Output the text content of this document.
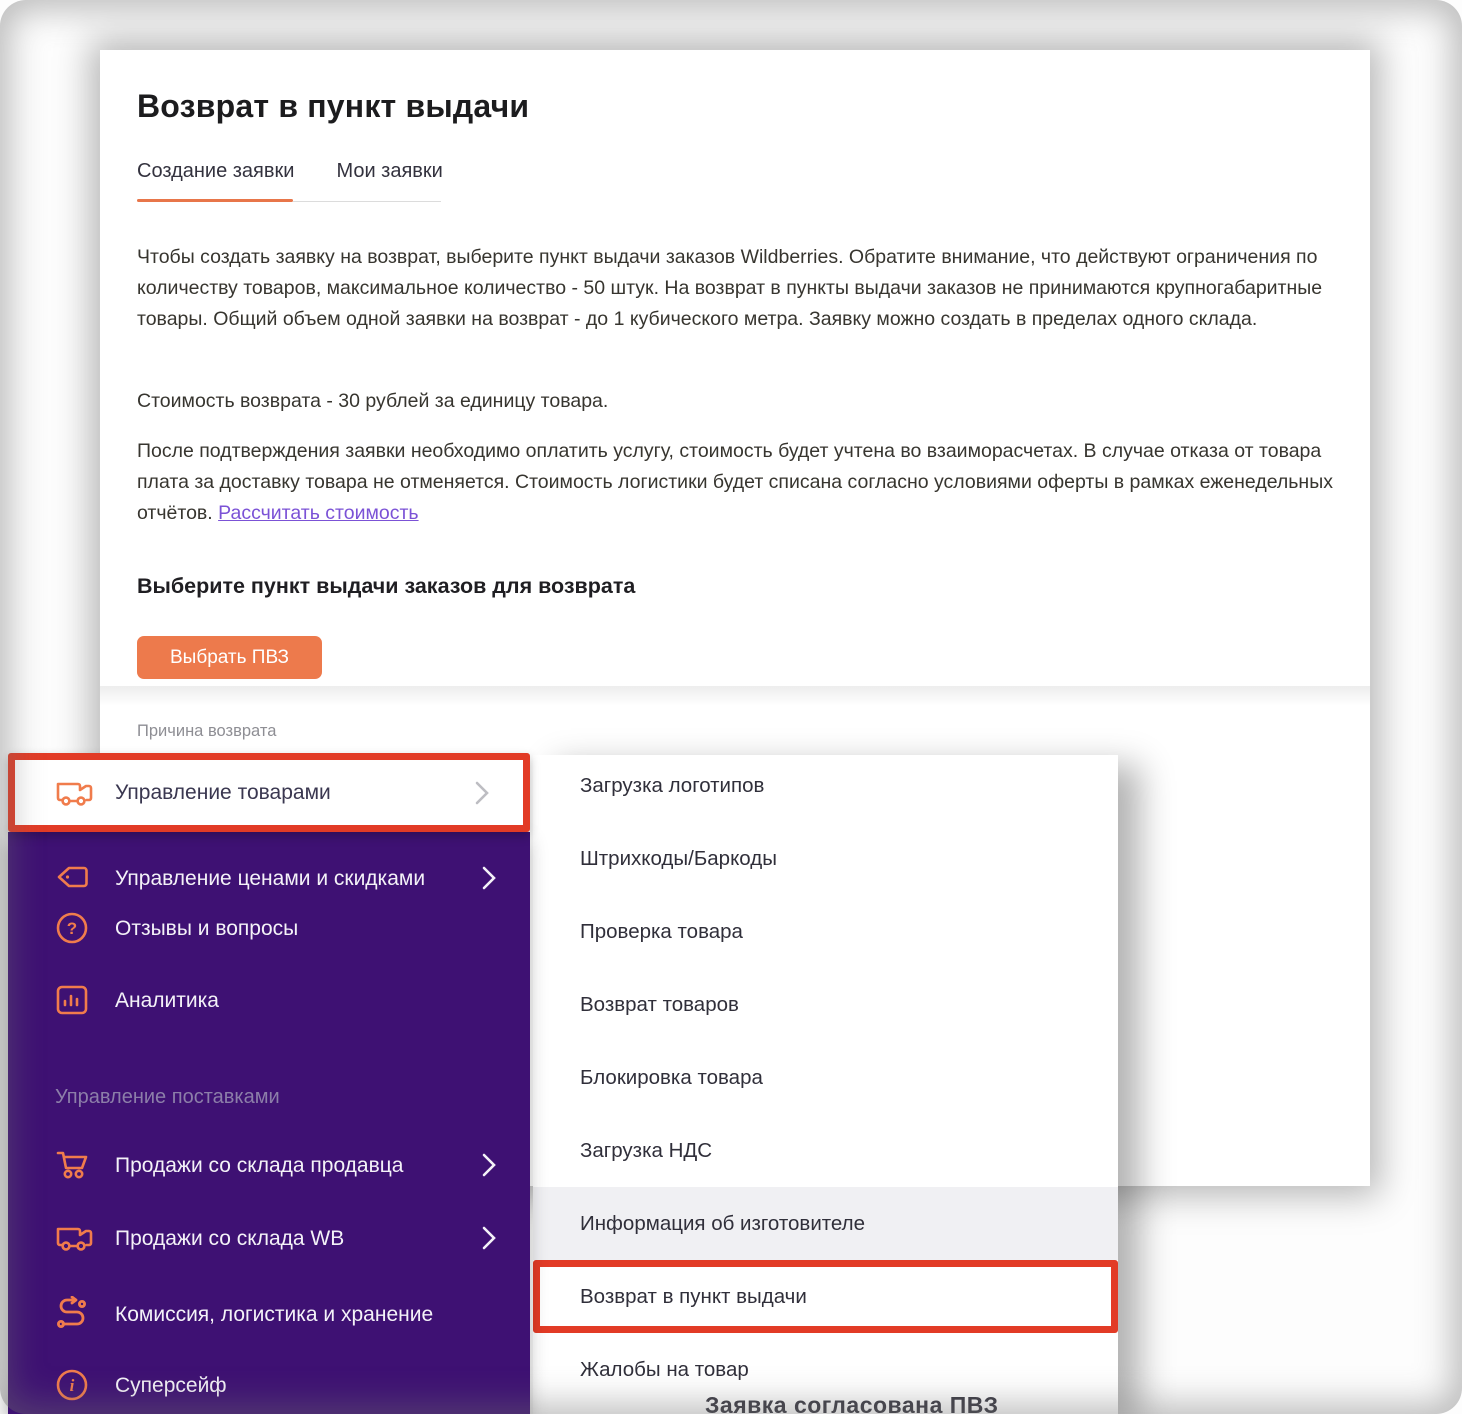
Возврат в пункт выдачи
Создание заявки Мои заявки

Чтобы создать заявку на возврат, выберите пункт выдачи заказов Wildberries. Обратите внимание, что действуют ограничения по количеству товаров, максимальное количество - 50 штук. На возврат в пункты выдачи заказов не принимаются крупногабаритные товары. Общий объем одной заявки на возврат - до 1 кубического метра. Заявку можно создать в пределах одного склада.

Стоимость возврата - 30 рублей за единицу товара.

После подтверждения заявки необходимо оплатить услугу, стоимость будет учтена во взаиморасчетах. В случае отказа от товара плата за доставку товара не отменяется. Стоимость логистики будет списана согласно условиями оферты в рамках еженедельных отчётов. Рассчитать стоимость

Выберите пункт выдачи заказов для возврата
Выбрать ПВЗ
Причина возврата
Управление товарами
Управление ценами и скидками
? Отзывы и вопросы
Аналитика
Управление поставками
Продажи со склада продавца
Продажи со склада WB
Комиссия, логистика и хранение
i Суперсейф
Загрузка логотипов
Штрихкоды/Баркоды
Проверка товара
Возврат товаров
Блокировка товара
Загрузка НДС
Информация об изготовителе
Возврат в пункт выдачи
Жалобы на товар
Заявка согласована ПВЗ
